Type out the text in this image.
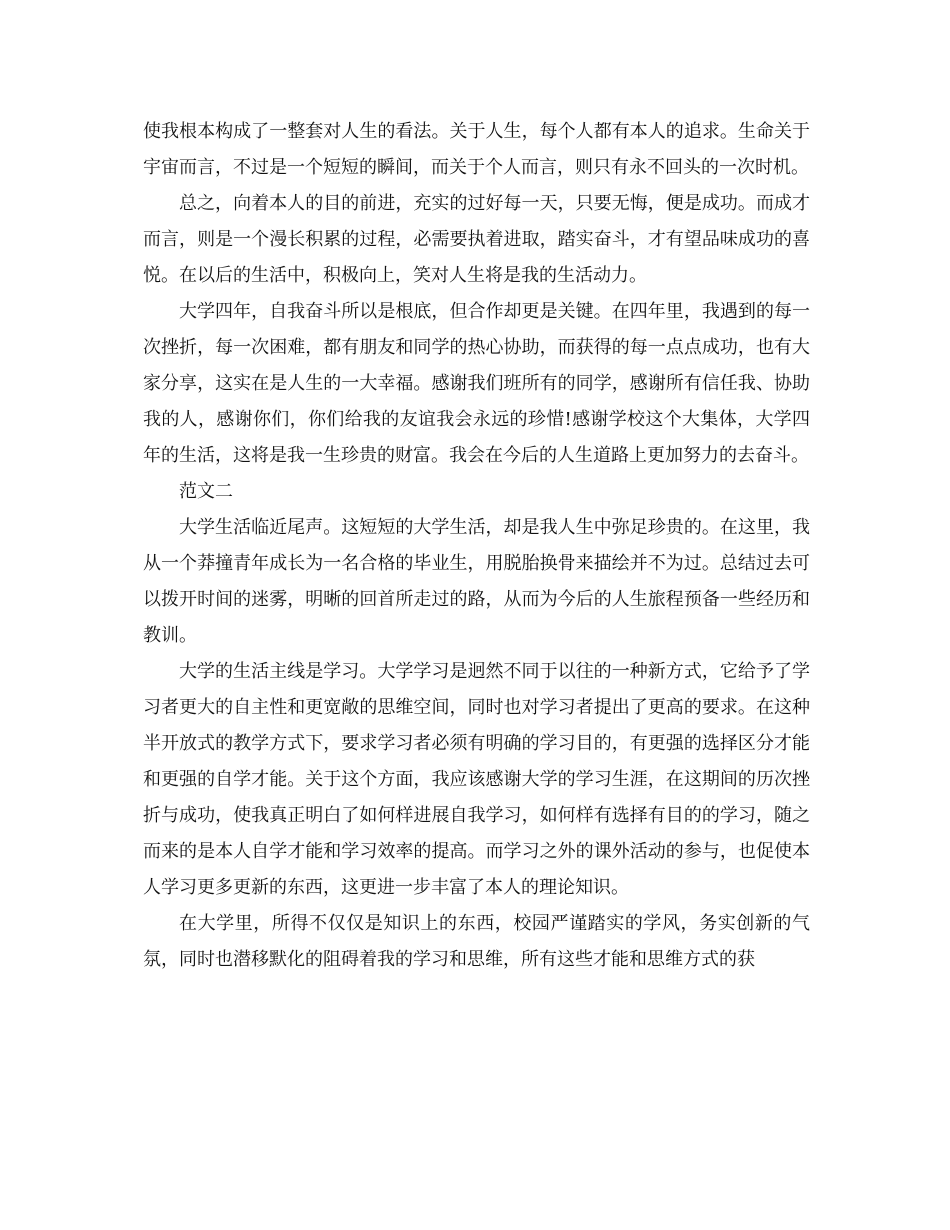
使我根本构成了一整套对人生的看法。关于人生，每个人都有本人的追求。生命关于宇宙而言，不过是一个短短的瞬间，而关于个人而言，则只有永不回头的一次时机。

总之，向着本人的目的前进，充实的过好每一天，只要无悔，便是成功。而成才而言，则是一个漫长积累的过程，必需要执着进取，踏实奋斗，才有望品味成功的喜悦。在以后的生活中，积极向上，笑对人生将是我的生活动力。

大学四年，自我奋斗所以是根底，但合作却更是关键。在四年里，我遇到的每一次挫折，每一次困难，都有朋友和同学的热心协助，而获得的每一点点成功，也有大家分享，这实在是人生的一大幸福。感谢我们班所有的同学，感谢所有信任我、协助我的人，感谢你们，你们给我的友谊我会永远的珍惜!感谢学校这个大集体，大学四年的生活，这将是我一生珍贵的财富。我会在今后的人生道路上更加努力的去奋斗。

范文二

大学生活临近尾声。这短短的大学生活，却是我人生中弥足珍贵的。在这里，我从一个莽撞青年成长为一名合格的毕业生，用脱胎换骨来描绘并不为过。总结过去可以拨开时间的迷雾，明晰的回首所走过的路，从而为今后的人生旅程预备一些经历和教训。

大学的生活主线是学习。大学学习是迥然不同于以往的一种新方式，它给予了学习者更大的自主性和更宽敞的思维空间，同时也对学习者提出了更高的要求。在这种半开放式的教学方式下，要求学习者必须有明确的学习目的，有更强的选择区分才能和更强的自学才能。关于这个方面，我应该感谢大学的学习生涯，在这期间的历次挫折与成功，使我真正明白了如何样进展自我学习，如何样有选择有目的的学习，随之而来的是本人自学才能和学习效率的提高。而学习之外的课外活动的参与，也促使本人学习更多更新的东西，这更进一步丰富了本人的理论知识。

在大学里，所得不仅仅是知识上的东西，校园严谨踏实的学风，务实创新的气氛，同时也潜移默化的阻碍着我的学习和思维，所有这些才能和思维方式的获
